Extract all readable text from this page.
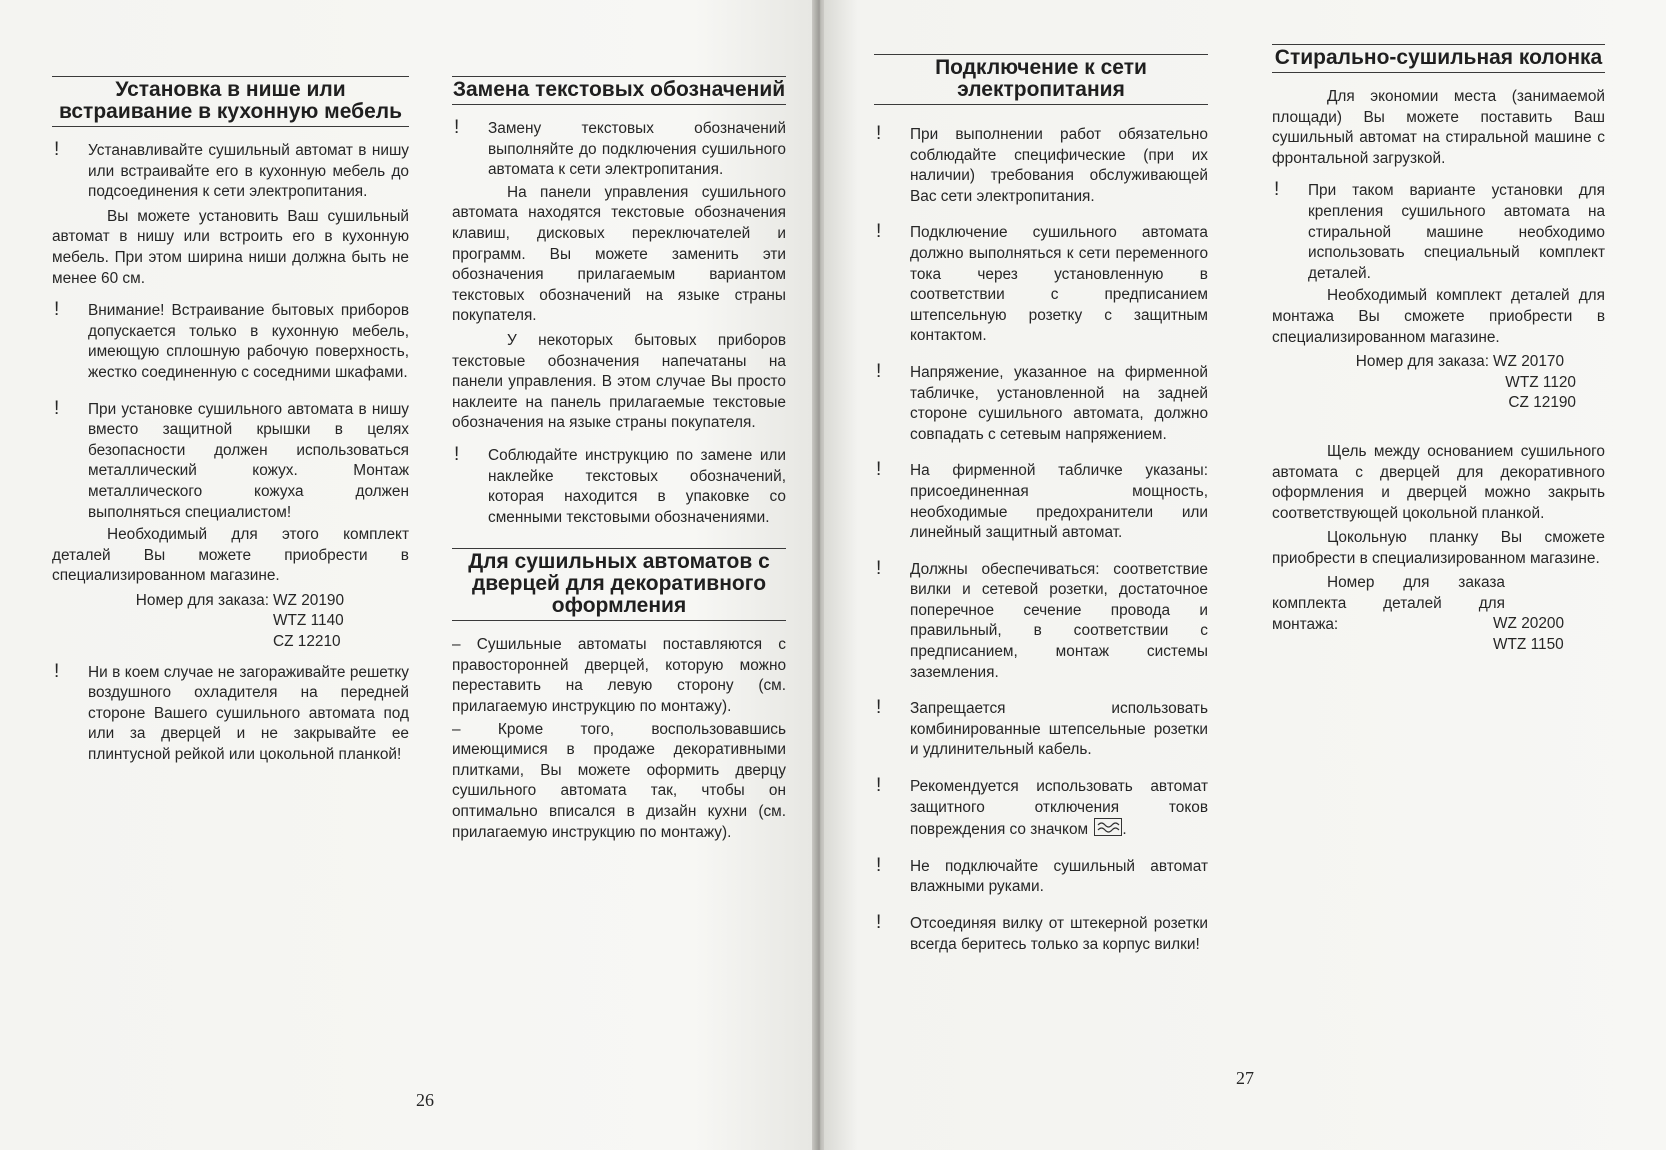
Установка в нише или встраивание в кухонную мебель
! Устанавливайте сушильный автомат в нишу или встраивайте его в кухонную мебель до подсоединения к сети электропитания.
Вы можете установить Ваш сушильный автомат в нишу или встроить его в кухонную мебель. При этом ширина ниши должна быть не менее 60 см.
! Внимание! Встраивание бытовых приборов допускается только в кухонную мебель, имеющую сплошную рабочую поверхность, жестко соединенную с соседними шкафами.
! При установке сушильного автомата в нишу вместо защитной крышки в целях безопасности должен использоваться металлический кожух. Монтаж металлического кожуха должен выполняться специалистом!
Необходимый для этого комплект деталей Вы можете приобрести в специализированном магазине.
Номер для заказа: WZ 20190
WTZ 1140
CZ 12210
! Ни в коем случае не загораживайте решетку воздушного охладителя на передней стороне Вашего сушильного автомата под или за дверцей и не закрывайте ее плинтусной рейкой или цокольной планкой!
Замена текстовых обозначений
! Замену текстовых обозначений выполняйте до подключения сушильного автомата к сети электропитания.
На панели управления сушильного автомата находятся текстовые обозначения клавиш, дисковых переключателей и программ. Вы можете заменить эти обозначения прилагаемым вариантом текстовых обозначений на языке страны покупателя.
У некоторых бытовых приборов текстовые обозначения напечатаны на панели управления. В этом случае Вы просто наклеите на панель прилагаемые текстовые обозначения на языке страны покупателя.
! Соблюдайте инструкцию по замене или наклейке текстовых обозначений, которая находится в упаковке со сменными текстовыми обозначениями.
Для сушильных автоматов с дверцей для декоративного оформления
– Сушильные автоматы поставляются с правосторонней дверцей, которую можно переставить на левую сторону (см. прилагаемую инструкцию по монтажу).
– Кроме того, воспользовавшись имеющимися в продаже декоративными плитками, Вы можете оформить дверцу сушильного автомата так, чтобы он оптимально вписался в дизайн кухни (см. прилагаемую инструкцию по монтажу).
26
Подключение к сети электропитания
! При выполнении работ обязательно соблюдайте специфические (при их наличии) требования обслуживающей Вас сети электропитания.
! Подключение сушильного автомата должно выполняться к сети переменного тока через установленную в соответствии с предписанием штепсельную розетку с защитным контактом.
! Напряжение, указанное на фирменной табличке, установленной на задней стороне сушильного автомата, должно совпадать с сетевым напряжением.
! На фирменной табличке указаны: присоединенная мощность, необходимые предохранители или линейный защитный автомат.
! Должны обеспечиваться: соответствие вилки и сетевой розетки, достаточное поперечное сечение провода и правильный, в соответствии с предписанием, монтаж системы заземления.
! Запрещается использовать комбинированные штепсельные розетки и удлинительный кабель.
! Рекомендуется использовать автомат защитного отключения токов повреждения со значком .
! Не подключайте сушильный автомат влажными руками.
! Отсоединяя вилку от штекерной розетки всегда беритесь только за корпус вилки!
Стирально-сушильная колонка
Для экономии места (занимаемой площади) Вы можете поставить Ваш сушильный автомат на стиральной машине с фронтальной загрузкой.
! При таком варианте установки для крепления сушильного автомата на стиральной машине необходимо использовать специальный комплект деталей.
Необходимый комплект деталей для монтажа Вы сможете приобрести в специализированном магазине.
Номер для заказа: WZ 20170
WTZ 1120
CZ 12190
Щель между основанием сушильного автомата с дверцей для декоративного оформления и дверцей можно закрыть соответствующей цокольной планкой.
Цокольную планку Вы сможете приобрести в специализированном магазине.
Номер для заказа комплекта деталей для монтажа:	WZ 20200
WTZ 1150
27
